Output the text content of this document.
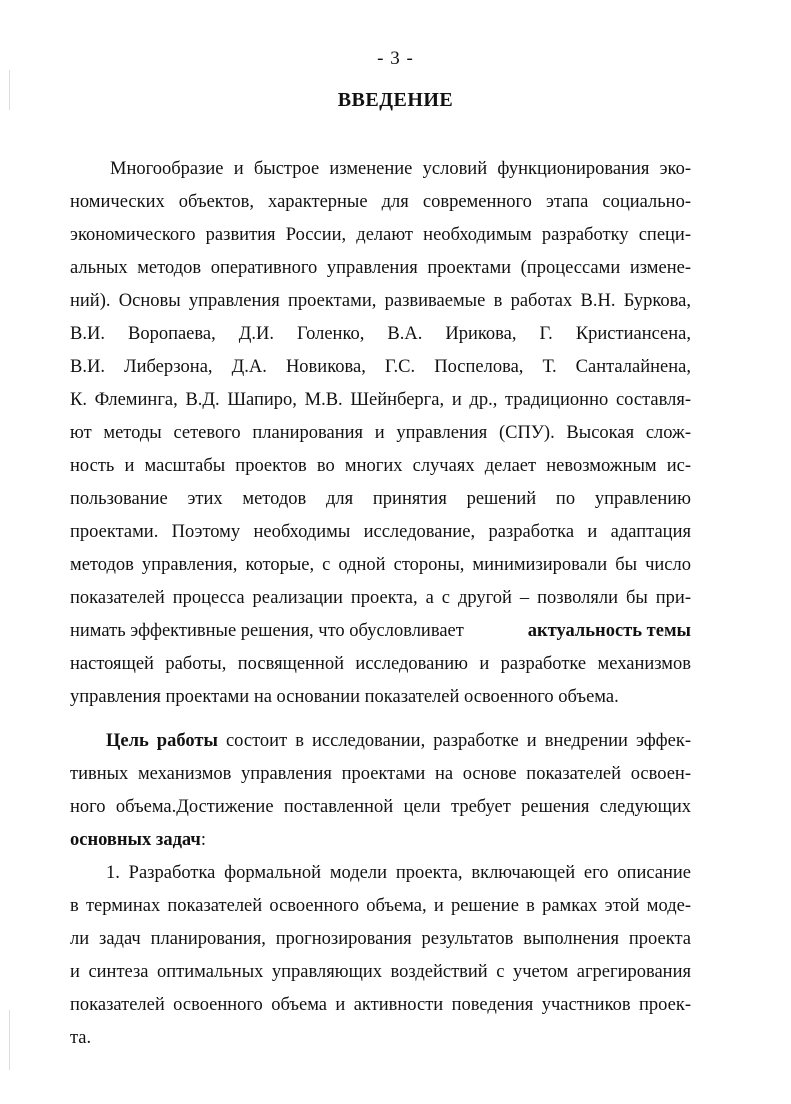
- 3 -
ВВЕДЕНИЕ
Многообразие и быстрое изменение условий функционирования эко-
номических объектов, характерные для современного этапа социально-
экономического развития России, делают необходимым разработку специ-
альных методов оперативного управления проектами (процессами измене-
ний). Основы управления проектами, развиваемые в работах В.Н. Буркова,
В.И. Воропаева, Д.И. Голенко, В.А. Ирикова, Г. Кристиансена,
В.И. Либерзона, Д.А. Новикова, Г.С. Поспелова, Т. Санталайнена,
К. Флеминга, В.Д. Шапиро, М.В. Шейнберга, и др., традиционно составля-
ют методы сетевого планирования и управления (СПУ). Высокая слож-
ность и масштабы проектов во многих случаях делает невозможным ис-
пользование этих методов для принятия решений по управлению
проектами. Поэтому необходимы исследование, разработка и адаптация
методов управления, которые, с одной стороны, минимизировали бы число
показателей процесса реализации проекта, а с другой – позволяли бы при-
нимать эффективные решения, что обусловливает	актуальность темы
настоящей работы, посвященной исследованию и разработке механизмов
управления проектами на основании показателей освоенного объема.
Цель работы состоит в исследовании, разработке и внедрении эффек-
тивных механизмов управления проектами на основе показателей освоен-
ного объема.Достижение поставленной цели требует решения следующих
основных задач:
1. Разработка формальной модели проекта, включающей его описание
в терминах показателей освоенного объема, и решение в рамках этой моде-
ли задач планирования, прогнозирования результатов выполнения проекта
и синтеза оптимальных управляющих воздействий с учетом агрегирования
показателей освоенного объема и активности поведения участников проек-
та.
